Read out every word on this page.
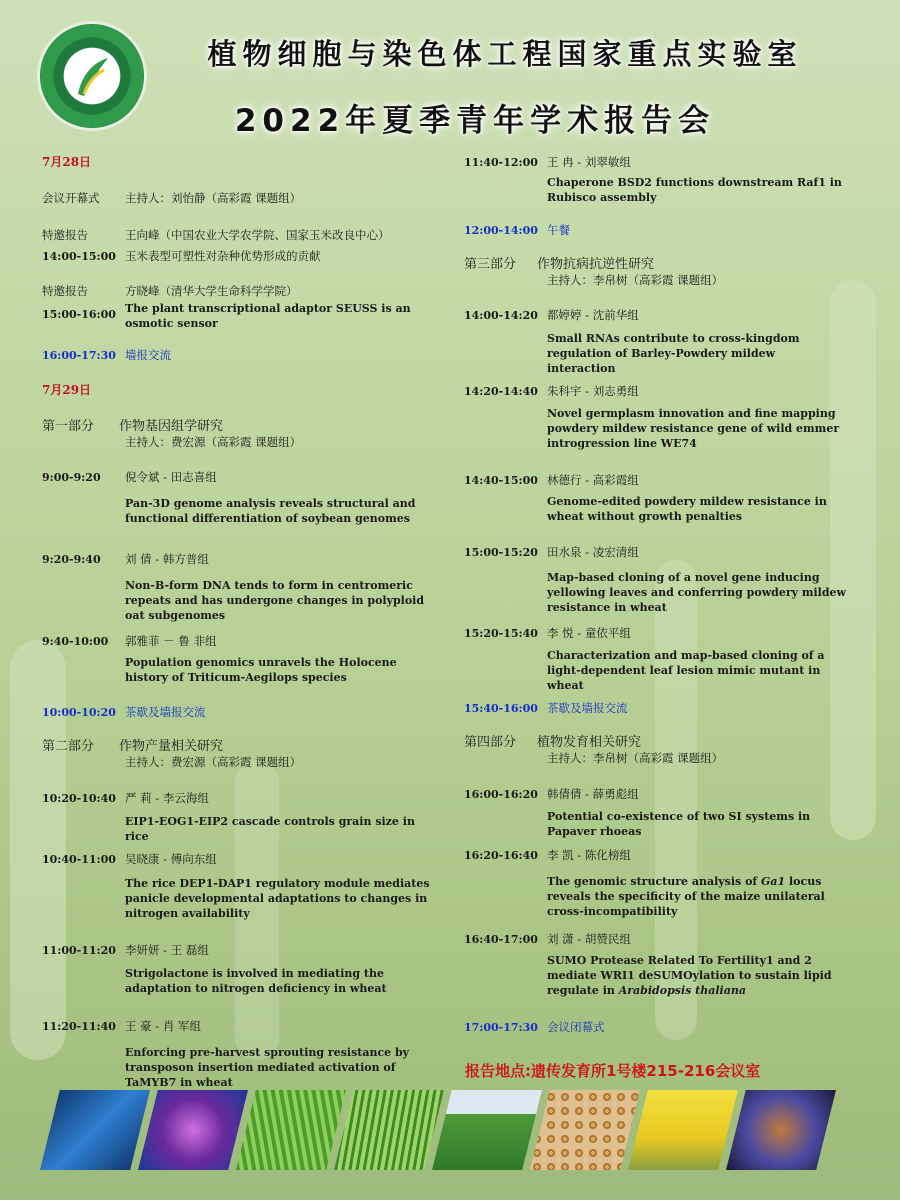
植物细胞与染色体工程国家重点实验室
2022年夏季青年学术报告会
7月28日
会议开幕式 主持人：刘怡静（高彩霞 课题组）
特邀报告	王向峰（中国农业大学农学院、国家玉米改良中心）
14:00-15:00 玉米表型可塑性对杂种优势形成的贡献
特邀报告	方晓峰（清华大学生命科学学院）
15:00-16:00 The plant transcriptional adaptor SEUSS is an osmotic sensor
16:00-17:30 墙报交流
7月29日
第一部分 作物基因组学研究
主持人：费宏源（高彩霞 课题组）
9:00-9:20 倪令斌 - 田志喜组
Pan-3D genome analysis reveals structural and functional differentiation of soybean genomes
9:20-9:40 刘 倩 - 韩方普组
Non-B-form DNA tends to form in centromeric repeats and has undergone changes in polyploid oat subgenomes
9:40-10:00 郭雅菲 － 鲁 非组
Population genomics unravels the Holocene history of Triticum-Aegilops species
10:00-10:20 茶歇及墙报交流
第二部分 作物产量相关研究
主持人：费宏源（高彩霞 课题组）
10:20-10:40 严 莉 - 李云海组
EIP1-EOG1-EIP2 cascade controls grain size in rice
10:40-11:00 吴晓康 - 傅向东组
The rice DEP1-DAP1 regulatory module mediates panicle developmental adaptations to changes in nitrogen availability
11:00-11:20 李妍妍 - 王 磊组
Strigolactone is involved in mediating the adaptation to nitrogen deficiency in wheat
11:20-11:40 王 豪 - 肖 军组
Enforcing pre-harvest sprouting resistance by transposon insertion mediated activation of TaMYB7 in wheat
11:40-12:00 王 冉 - 刘翠敏组
Chaperone BSD2 functions downstream Raf1 in Rubisco assembly
12:00-14:00 午餐
第三部分 作物抗病抗逆性研究
主持人：李帛树（高彩霞 课题组）
14:00-14:20 都婷婷 - 沈前华组
Small RNAs contribute to cross-kingdom regulation of Barley-Powdery mildew interaction
14:20-14:40 朱科宇 - 刘志勇组
Novel germplasm innovation and fine mapping powdery mildew resistance gene of wild emmer introgression line WE74
14:40-15:00 林德行 - 高彩霞组
Genome-edited powdery mildew resistance in wheat without growth penalties
15:00-15:20 田水泉 - 凌宏清组
Map-based cloning of a novel gene inducing yellowing leaves and conferring powdery mildew resistance in wheat
15:20-15:40 李 悦 - 童依平组
Characterization and map-based cloning of a light-dependent leaf lesion mimic mutant in wheat
15:40-16:00 茶歇及墙报交流
第四部分 植物发育相关研究
主持人：李帛树（高彩霞 课题组）
16:00-16:20 韩倩倩 - 薛勇彪组
Potential co-existence of two SI systems in Papaver rhoeas
16:20-16:40 李 凯 - 陈化榜组
The genomic structure analysis of Ga1 locus reveals the specificity of the maize unilateral cross-incompatibility
16:40-17:00 刘 潇 - 胡赞民组
SUMO Protease Related To Fertility1 and 2 mediate WRI1 deSUMOylation to sustain lipid regulate in Arabidopsis thaliana
17:00-17:30 会议闭幕式
报告地点:遗传发育所1号楼215-216会议室
